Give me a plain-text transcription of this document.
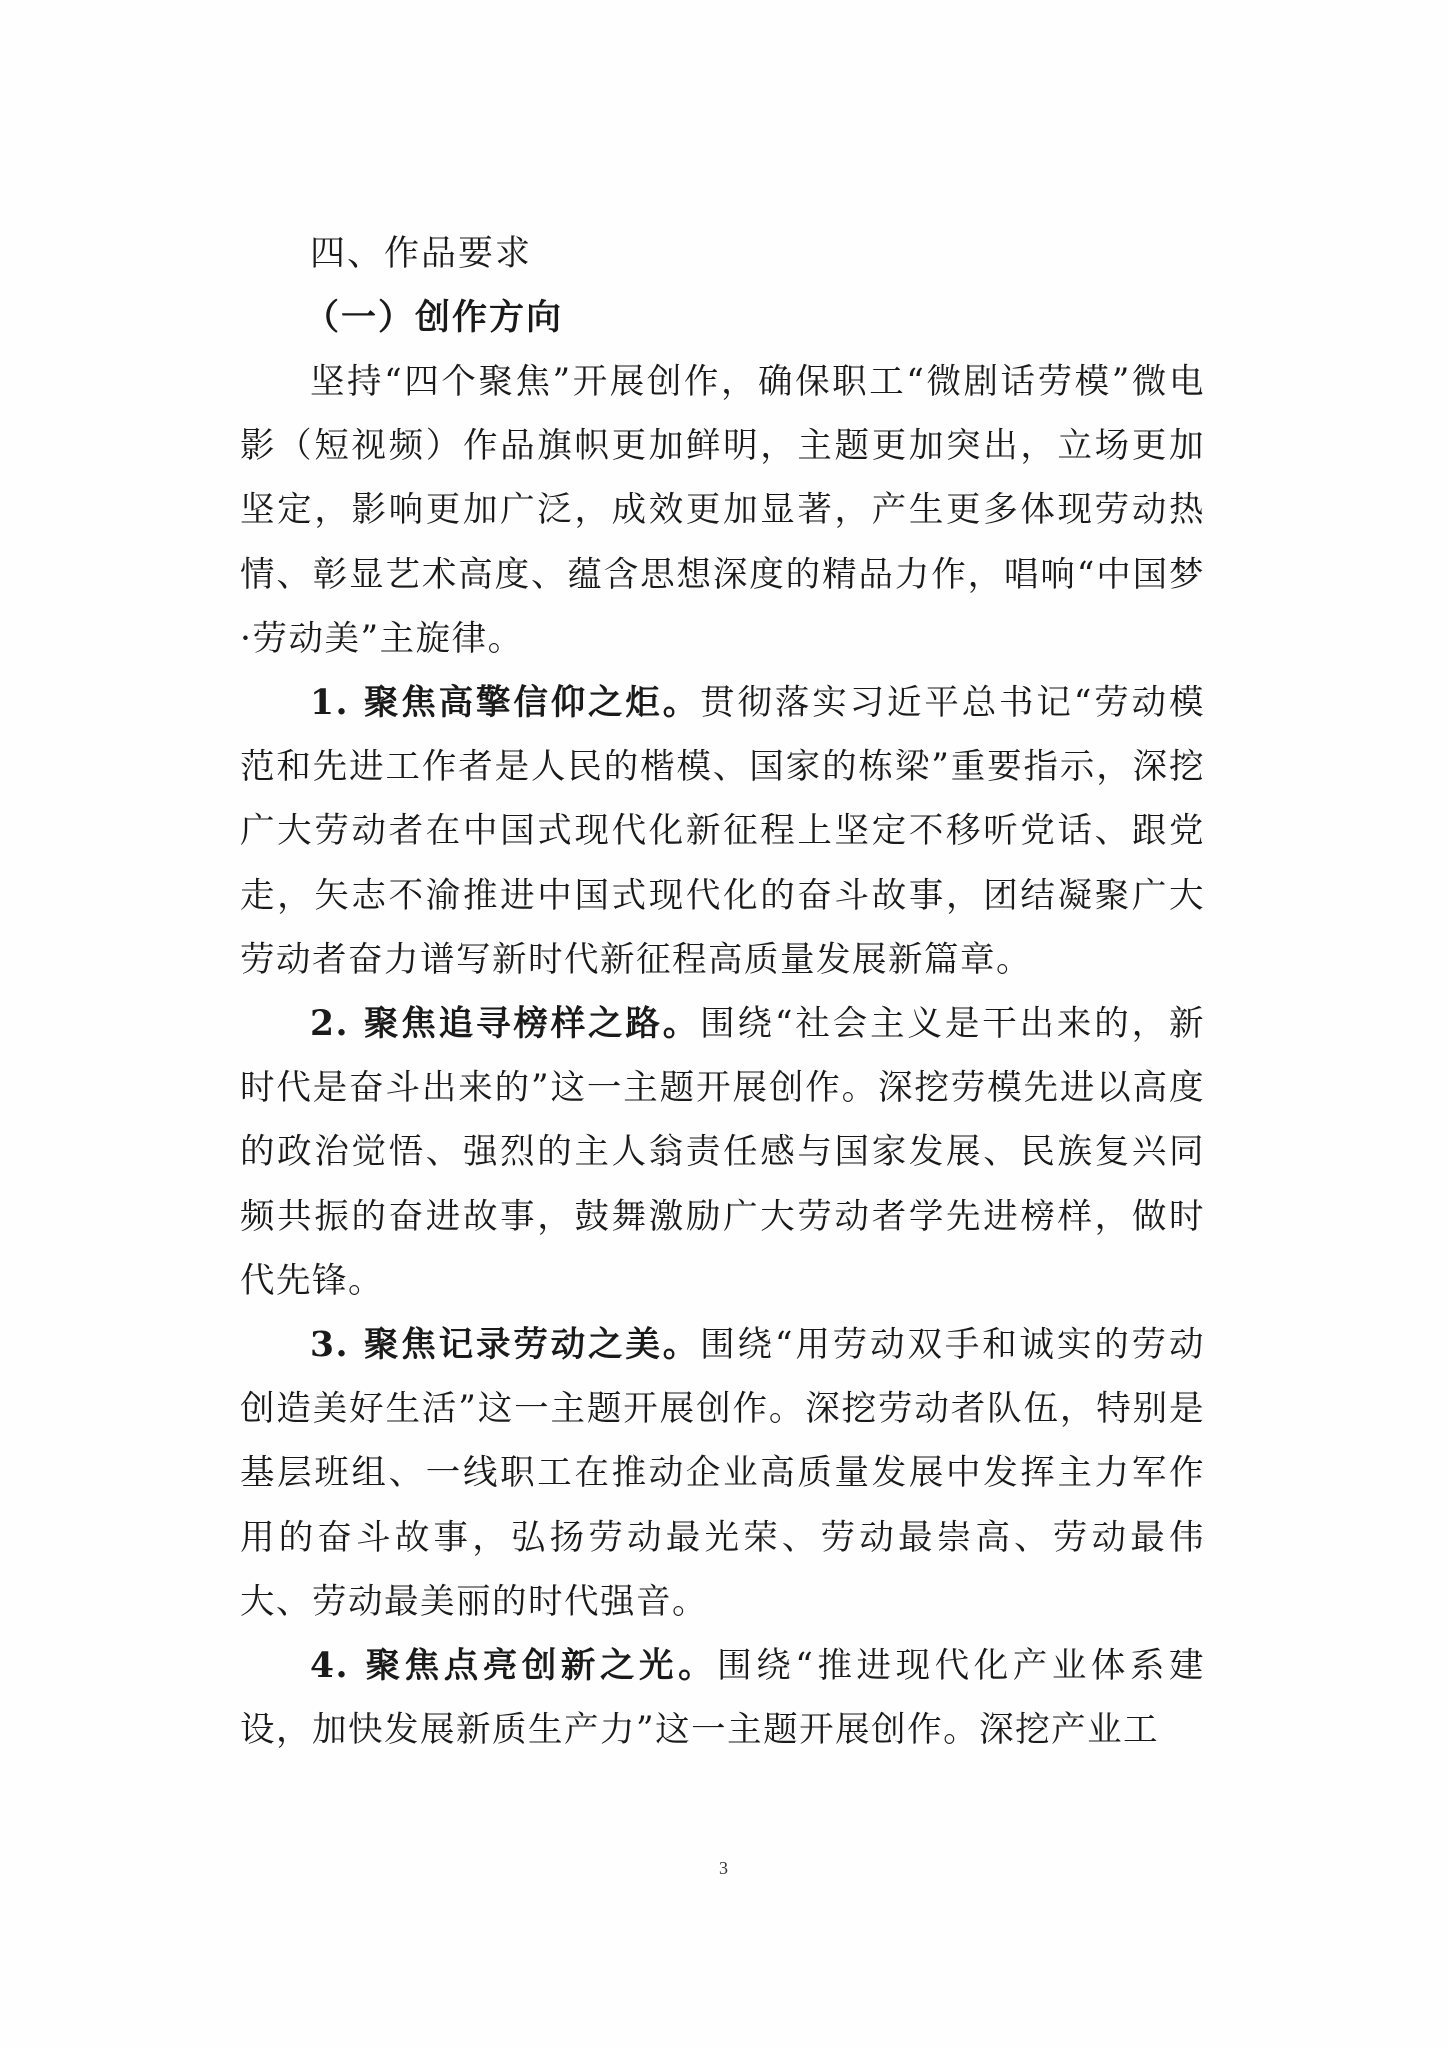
四、作品要求
（一）创作方向

坚持“四个聚焦”开展创作，确保职工“微剧话劳模”微电影（短视频）作品旗帜更加鲜明，主题更加突出，立场更加坚定，影响更加广泛，成效更加显著，产生更多体现劳动热情、彰显艺术高度、蕴含思想深度的精品力作，唱响“中国梦·劳动美”主旋律。

1. 聚焦高擎信仰之炬。贯彻落实习近平总书记“劳动模范和先进工作者是人民的楷模、国家的栋梁”重要指示，深挖广大劳动者在中国式现代化新征程上坚定不移听党话、跟党走，矢志不渝推进中国式现代化的奋斗故事，团结凝聚广大劳动者奋力谱写新时代新征程高质量发展新篇章。

2. 聚焦追寻榜样之路。围绕“社会主义是干出来的，新时代是奋斗出来的”这一主题开展创作。深挖劳模先进以高度的政治觉悟、强烈的主人翁责任感与国家发展、民族复兴同频共振的奋进故事，鼓舞激励广大劳动者学先进榜样，做时代先锋。

3. 聚焦记录劳动之美。围绕“用劳动双手和诚实的劳动创造美好生活”这一主题开展创作。深挖劳动者队伍，特别是基层班组、一线职工在推动企业高质量发展中发挥主力军作用的奋斗故事，弘扬劳动最光荣、劳动最崇高、劳动最伟大、劳动最美丽的时代强音。

4. 聚焦点亮创新之光。围绕“推进现代化产业体系建设，加快发展新质生产力”这一主题开展创作。深挖产业工

3
